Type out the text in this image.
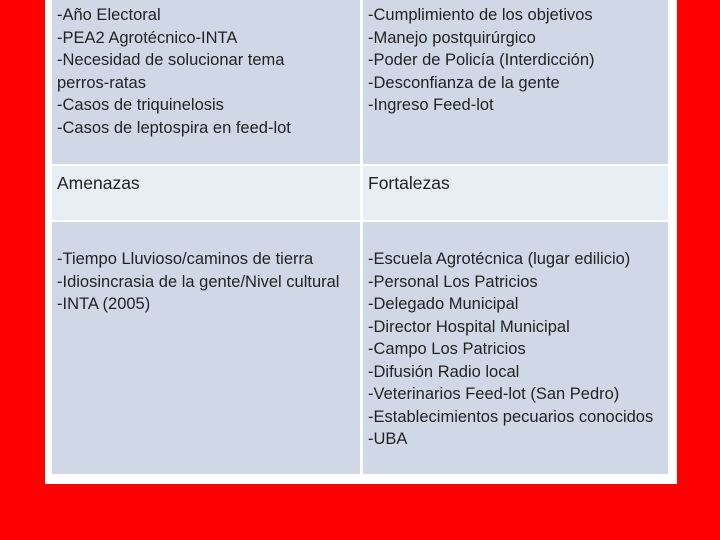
-Año Electoral
-PEA2 Agrotécnico-INTA
-Necesidad de solucionar tema
perros-ratas
-Casos de triquinelosis
-Casos de leptospira en feed-lot
-Cumplimiento de los objetivos
-Manejo postquirúrgico
-Poder de Policía (Interdicción)
-Desconfianza de la gente
-Ingreso Feed-lot
Amenazas	Fortalezas
-Tiempo Lluvioso/caminos de tierra
-Idiosincrasia de la gente/Nivel cultural
-INTA (2005)
-Escuela Agrotécnica (lugar edilicio)
-Personal Los Patricios
-Delegado Municipal
-Director Hospital Municipal
-Campo Los Patricios
-Difusión Radio local
-Veterinarios Feed-lot (San Pedro)
-Establecimientos pecuarios conocidos
-UBA
